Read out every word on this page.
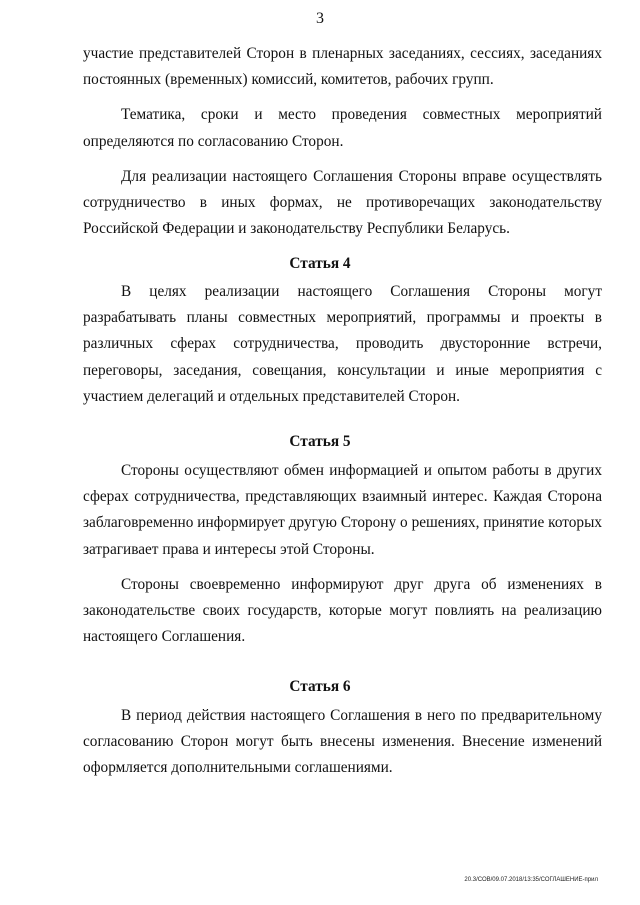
3

участие представителей Сторон в пленарных заседаниях, сессиях, заседаниях постоянных (временных) комиссий, комитетов, рабочих групп.

Тематика, сроки и место проведения совместных мероприятий определяются по согласованию Сторон.

Для реализации настоящего Соглашения Стороны вправе осуществлять сотрудничество в иных формах, не противоречащих законодательству Российской Федерации и законодательству Республики Беларусь.

Статья 4

В целях реализации настоящего Соглашения Стороны могут разрабатывать планы совместных мероприятий, программы и проекты в различных сферах сотрудничества, проводить двусторонние встречи, переговоры, заседания, совещания, консультации и иные мероприятия с участием делегаций и отдельных представителей Сторон.

Статья 5

Стороны осуществляют обмен информацией и опытом работы в других сферах сотрудничества, представляющих взаимный интерес. Каждая Сторона заблаговременно информирует другую Сторону о решениях, принятие которых затрагивает права и интересы этой Стороны.

Стороны своевременно информируют друг друга об изменениях в законодательстве своих государств, которые могут повлиять на реализацию настоящего Соглашения.

Статья 6

В период действия настоящего Соглашения в него по предварительному согласованию Сторон могут быть внесены изменения. Внесение изменений оформляется дополнительными соглашениями.

20.3/СОВ/09.07.2018/13:35/СОГЛАШЕНИЕ-прил
